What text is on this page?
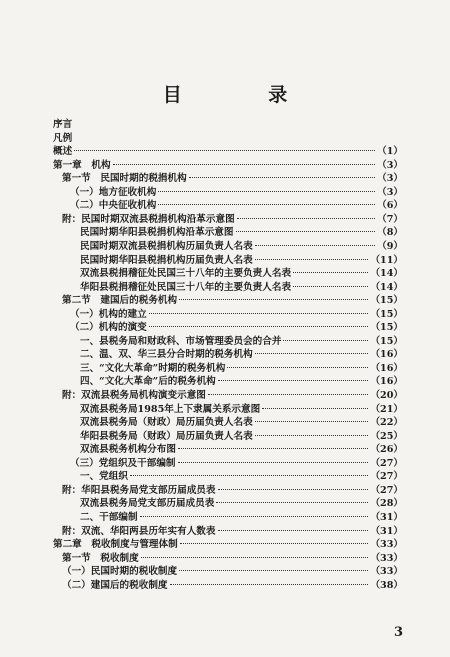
目 录
序言
凡例
概述	（1）
第一章　机构	（3）
第一节　民国时期的税捐机构	（3）
（一）地方征收机构	（3）
（二）中央征收机构	（6）
附：民国时期双流县税捐机构沿革示意图	（7）
民国时期华阳县税捐机构沿革示意图	（8）
民国时期双流县税捐机构历届负责人名表	（9）
民国时期华阳县税捐机构历届负责人名表	（11）
双流县税捐稽征处民国三十八年的主要负责人名表	（14）
华阳县税捐稽征处民国三十八年的主要负责人名表	（14）
第二节　建国后的税务机构	（15）
（一）机构的建立	（15）
（二）机构的演变	（15）
一、县税务局和财政科、市场管理委员会的合并	（15）
二、温、双、华三县分合时期的税务机构	（16）
三、“文化大革命”时期的税务机构	（16）
四、“文化大革命”后的税务机构	（16）
附：双流县税务局机构演变示意图	（20）
双流县税务局1985年上下隶属关系示意图	（21）
双流县税务局（财政）局历届负责人名表	（22）
华阳县税务局（财政）局历届负责人名表	（25）
双流县税务机构分布图	（26）
（三）党组织及干部编制	（27）
一、党组织	（27）
附：华阳县税务局党支部历届成员表	（27）
双流县税务局党支部历届成员表	（28）
二、干部编制	（31）
附：双流、华阳两县历年实有人数表	（31）
第二章　税收制度与管理体制	（33）
第一节　税收制度	（33）
（一）民国时期的税收制度	（33）
（二）建国后的税收制度	（38）
3
